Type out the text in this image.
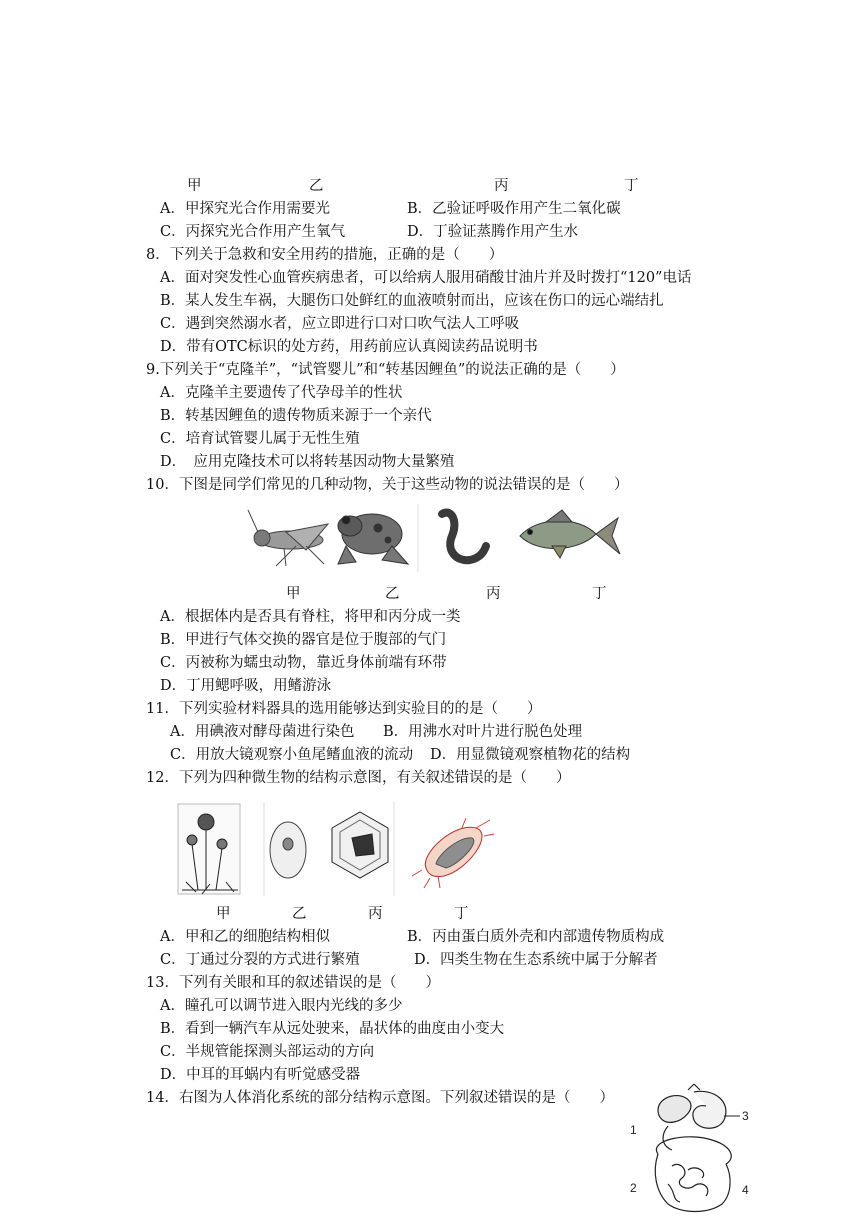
甲	乙	丙	丁
A．甲探究光合作用需要光	B．乙验证呼吸作用产生二氧化碳
C．丙探究光合作用产生氧气	D．丁验证蒸腾作用产生水
8．下列关于急救和安全用药的措施，正确的是（　　）
A．面对突发性心血管疾病患者，可以给病人服用硝酸甘油片并及时拨打“120”电话
B．某人发生车祸，大腿伤口处鲜红的血液喷射而出，应该在伤口的远心端结扎
C．遇到突然溺水者，应立即进行口对口吹气法人工呼吸
D．带有OTC标识的处方药，用药前应认真阅读药品说明书
9.下列关于“克隆羊”，“试管婴儿”和“转基因鲤鱼”的说法正确的是（　　）
A．克隆羊主要遗传了代孕母羊的性状
B．转基因鲤鱼的遗传物质来源于一个亲代
C．培育试管婴儿属于无性生殖
D．　应用克隆技术可以将转基因动物大量繁殖
10．下图是同学们常见的几种动物，关于这些动物的说法错误的是（　　）
甲	乙	丙	丁
A．根据体内是否具有脊柱，将甲和丙分成一类
B．甲进行气体交换的器官是位于腹部的气门
C．丙被称为蠕虫动物，靠近身体前端有环带
D．丁用鳃呼吸，用鳍游泳
11．下列实验材料器具的选用能够达到实验目的的是（　　）
A．用碘液对酵母菌进行染色 B．用沸水对叶片进行脱色处理
C．用放大镜观察小鱼尾鳍血液的流动 D．用显微镜观察植物花的结构
12．下列为四种微生物的结构示意图，有关叙述错误的是（　　）
甲	乙	丙	丁
A．甲和乙的细胞结构相似	B．丙由蛋白质外壳和内部遗传物质构成
C．丁通过分裂的方式进行繁殖	D．四类生物在生态系统中属于分解者
13．下列有关眼和耳的叙述错误的是（　　）
A．瞳孔可以调节进入眼内光线的多少
B．看到一辆汽车从远处驶来，晶状体的曲度由小变大
C．半规管能探测头部运动的方向
D．中耳的耳蜗内有听觉感受器
14．右图为人体消化系统的部分结构示意图。下列叙述错误的是（　　）
1
2
3
4
